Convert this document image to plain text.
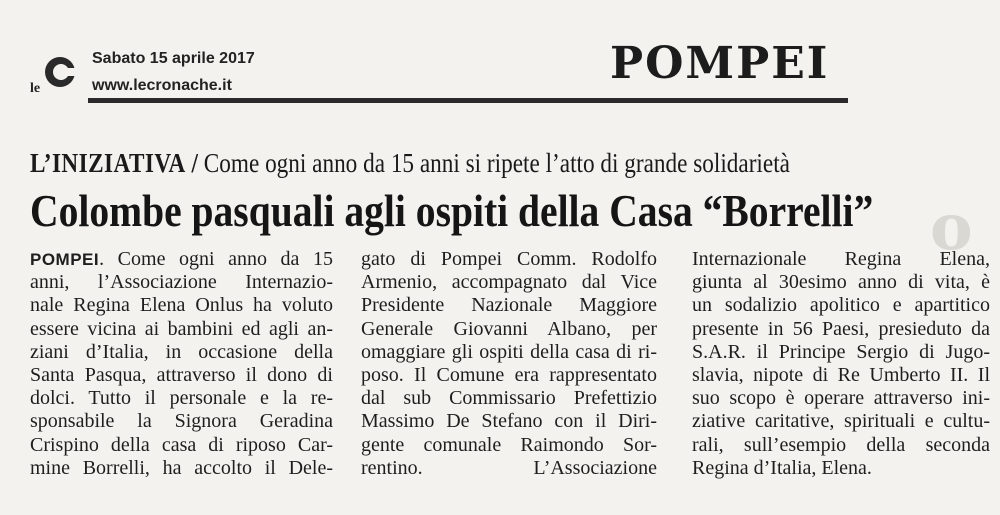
o
le
Sabato 15 aprile 2017
www.lecronache.it	POMPEI
L’INIZIATIVA / Come ogni anno da 15 anni si ripete l’atto di grande solidarietà
Colombe pasquali agli ospiti della Casa “Borrelli”
POMPEI. Come ogni anno da 15
anni, l’Associazione Internazio-
nale Regina Elena Onlus ha voluto
essere vicina ai bambini ed agli an-
ziani d’Italia, in occasione della
Santa Pasqua, attraverso il dono di
dolci. Tutto il personale e la re-
sponsabile la Signora Geradina
Crispino della casa di riposo Car-
mine Borrelli, ha accolto il Dele-
gato di Pompei Comm. Rodolfo
Armenio, accompagnato dal Vice
Presidente Nazionale Maggiore
Generale Giovanni Albano, per
omaggiare gli ospiti della casa di ri-
poso. Il Comune era rappresentato
dal sub Commissario Prefettizio
Massimo De Stefano con il Diri-
gente comunale Raimondo Sor-
rentino. L’Associazione
Internazionale Regina Elena,
giunta al 30esimo anno di vita, è
un sodalizio apolitico e apartitico
presente in 56 Paesi, presieduto da
S.A.R. il Principe Sergio di Jugo-
slavia, nipote di Re Umberto II. Il
suo scopo è operare attraverso ini-
ziative caritative, spirituali e cultu-
rali, sull’esempio della seconda
Regina d’Italia, Elena.
